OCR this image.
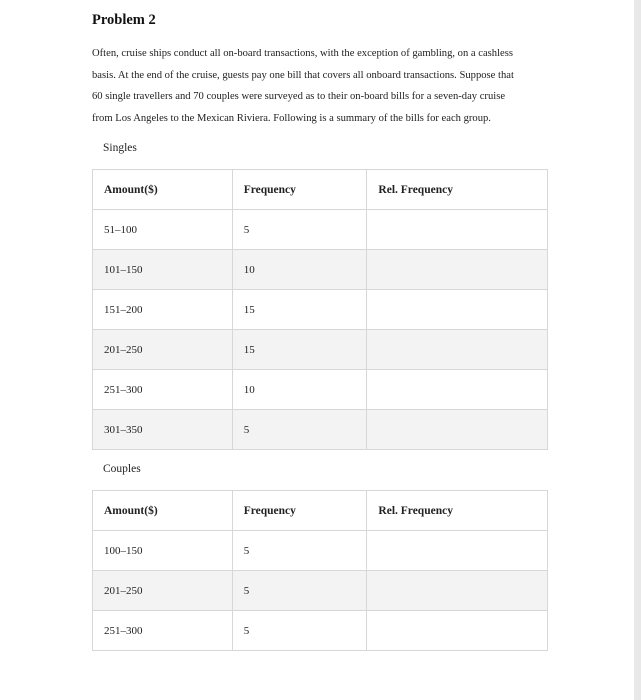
Problem 2
Often, cruise ships conduct all on-board transactions, with the exception of gambling, on a cashless
basis. At the end of the cruise, guests pay one bill that covers all onboard transactions. Suppose that
60 single travellers and 70 couples were surveyed as to their on-board bills for a seven-day cruise
from Los Angeles to the Mexican Riviera. Following is a summary of the bills for each group.
Singles
Amount($)	Frequency	Rel. Frequency
51–100	5	
101–150	10	
151–200	15	
201–250	15	
251–300	10	
301–350	5	
Couples
Amount($)	Frequency	Rel. Frequency
100–150	5	
201–250	5	
251–300	5	
